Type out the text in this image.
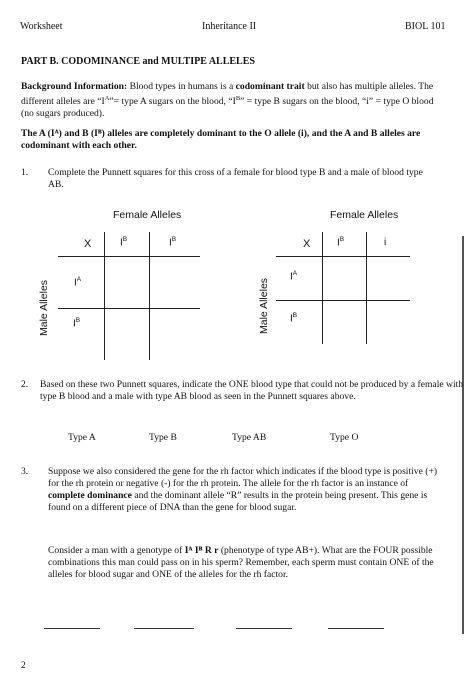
Worksheet	Inheritance II	BIOL 101
PART B. CODOMINANCE and MULTIPE ALLELES
Background Information: Blood types in humans is a codominant trait but also has multiple alleles. The different alleles are “$I^A”=$ type A sugars on the blood, “$I^B$” = type B sugars on the blood, “i” = type O blood (no sugars produced).
The A (Iᴬ) and B (Iᴮ) alleles are completely dominant to the O allele (i), and the A and B alleles are codominant with each other.
1. Complete the Punnett squares for this cross of a female for blood type B and a male of blood type AB.
Female Alleles
X	$I^B$	$I^B$
$I^A$
$I^B$
Male Alleles
Female Alleles
X	$I^B$	i
$I^A$
$I^B$
Male Alleles
2. Based on these two Punnett squares, indicate the ONE blood type that could not be produced by a female with type B blood and a male with type AB blood as seen in the Punnett squares above.
Type A	Type B	Type AB	Type O
3. Suppose we also considered the gene for the rh factor which indicates if the blood type is positive (+) for the rh protein or negative (-) for the rh protein. The allele for the rh factor is an instance of complete dominance and the dominant allele “R” results in the protein being present. This gene is found on a different piece of DNA than the gene for blood sugar.
Consider a man with a genotype of Iᴬ Iᴮ R r (phenotype of type AB+). What are the FOUR possible combinations this man could pass on in his sperm? Remember, each sperm must contain ONE of the alleles for blood sugar and ONE of the alleles for the rh factor.
2
